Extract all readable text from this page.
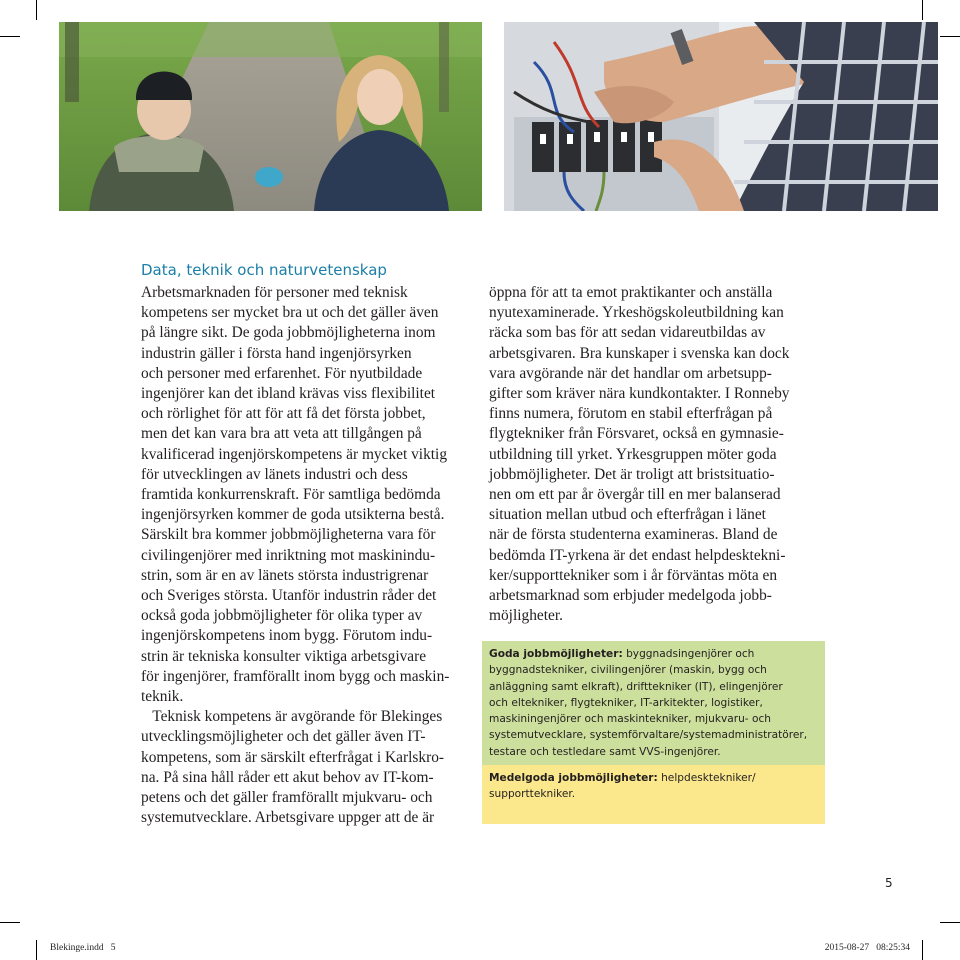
Data, teknik och naturvetenskap

Arbetsmarknaden för personer med teknisk

kompetens ser mycket bra ut och det gäller även

på längre sikt. De goda jobbmöjligheterna inom

industrin gäller i första hand ingenjörsyrken

och personer med erfarenhet. För nyutbildade

ingenjörer kan det ibland krävas viss flexibilitet

och rörlighet för att för att få det första jobbet,

men det kan vara bra att veta att tillgången på

kvalificerad ingenjörskompetens är mycket viktig

för utvecklingen av länets industri och dess

framtida konkurrenskraft. För samtliga bedömda

ingenjörsyrken kommer de goda utsikterna bestå.

Särskilt bra kommer jobbmöjligheterna vara för

civilingenjörer med inriktning mot maskinindu-

strin, som är en av länets största industrigrenar

och Sveriges största. Utanför industrin råder det

också goda jobbmöjligheter för olika typer av

ingenjörskompetens inom bygg. Förutom indu-

strin är tekniska konsulter viktiga arbetsgivare

för ingenjörer, framförallt inom bygg och maskin-

teknik.

Teknisk kompetens är avgörande för Blekinges

utvecklingsmöjligheter och det gäller även IT-

kompetens, som är särskilt efterfrågat i Karlskro-

na. På sina håll råder ett akut behov av IT-kom-

petens och det gäller framförallt mjukvaru- och

systemutvecklare. Arbetsgivare uppger att de är

öppna för att ta emot praktikanter och anställa

nyutexaminerade. Yrkeshögskoleutbildning kan

räcka som bas för att sedan vidareutbildas av

arbetsgivaren. Bra kunskaper i svenska kan dock

vara avgörande när det handlar om arbetsupp-

gifter som kräver nära kundkontakter. I Ronneby

finns numera, förutom en stabil efterfrågan på

flygtekniker från Försvaret, också en gymnasie-

utbildning till yrket. Yrkesgruppen möter goda

jobbmöjligheter. Det är troligt att bristsituatio-

nen om ett par år övergår till en mer balanserad

situation mellan utbud och efterfrågan i länet

när de första studenterna examineras. Bland de

bedömda IT-yrkena är det endast helpdesktekni-

ker/supporttekniker som i år förväntas möta en

arbetsmarknad som erbjuder medelgoda jobb-

möjligheter.

Goda jobbmöjligheter: byggnadsingenjörer och

byggnadstekniker, civilingenjörer (maskin, bygg och

anläggning samt elkraft), drifttekniker (IT), elingenjörer

och eltekniker, flygtekniker, IT-arkitekter, logistiker,

maskiningenjörer och maskintekniker, mjukvaru- och

systemutvecklare, systemförvaltare/systemadministratörer,

testare och testledare samt VVS-ingenjörer.

Medelgoda jobbmöjligheter: helpdesktekniker/

supporttekniker.

5
Blekinge.indd   5	2015-08-27   08:25:34
